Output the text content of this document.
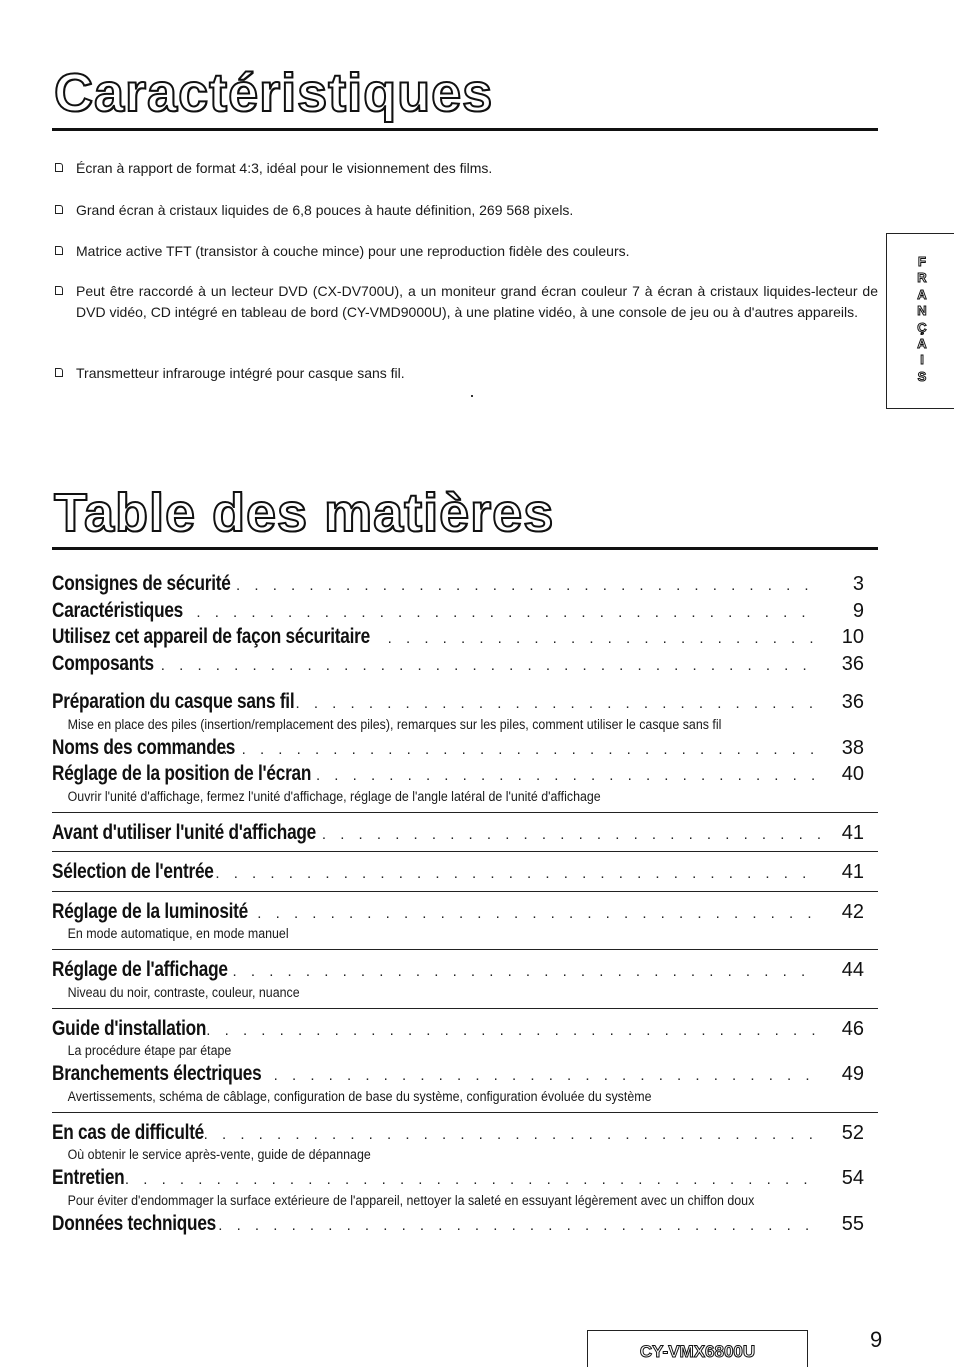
Caractéristiques
Écran à rapport de format 4:3, idéal pour le visionnement des films.
Grand écran à cristaux liquides de 6,8 pouces à haute définition, 269 568 pixels.
Matrice active TFT (transistor à couche mince) pour une reproduction fidèle des couleurs.
Peut être raccordé à un lecteur DVD (CX-DV700U), a un moniteur grand écran couleur 7 à écran à cristaux liquides-lecteur de DVD vidéo, CD intégré en tableau de bord (CY-VMD9000U), à une platine vidéo, à une console de jeu ou à d'autres appareils.
Transmetteur infrarouge intégré pour casque sans fil.
F
R
A
N
Ç
A
I
S
Table des matières
Consignes de sécurité . . .	3
Caractéristiques . . .	9
Utilisez cet appareil de façon sécuritaire . . .	10
Composants . . .	36
Préparation du casque sans fil . . .	36
Mise en place des piles (insertion/remplacement des piles), remarques sur les piles, comment utiliser le casque sans fil
Noms des commandes . . .	38
Réglage de la position de l'écran . . .	40
Ouvrir l'unité d'affichage, fermez l'unité d'affichage, réglage de l'angle latéral de l'unité d'affichage
Avant d'utiliser l'unité d'affichage . . .	41
Sélection de l'entrée . . .	41
Réglage de la luminosité . . .	42
En mode automatique, en mode manuel
Réglage de l'affichage . . .	44
Niveau du noir, contraste, couleur, nuance
Guide d'installation . . .	46
La procédure étape par étape
Branchements électriques . . .	49
Avertissements, schéma de câblage, configuration de base du système, configuration évoluée du système
En cas de difficulté . . .	52
Où obtenir le service après-vente, guide de dépannage
Entretien . . .	54
Pour éviter d'endommager la surface extérieure de l'appareil, nettoyer la saleté en essuyant légèrement avec un chiffon doux
Données techniques . . .	55
CY-VMX6800U	9
